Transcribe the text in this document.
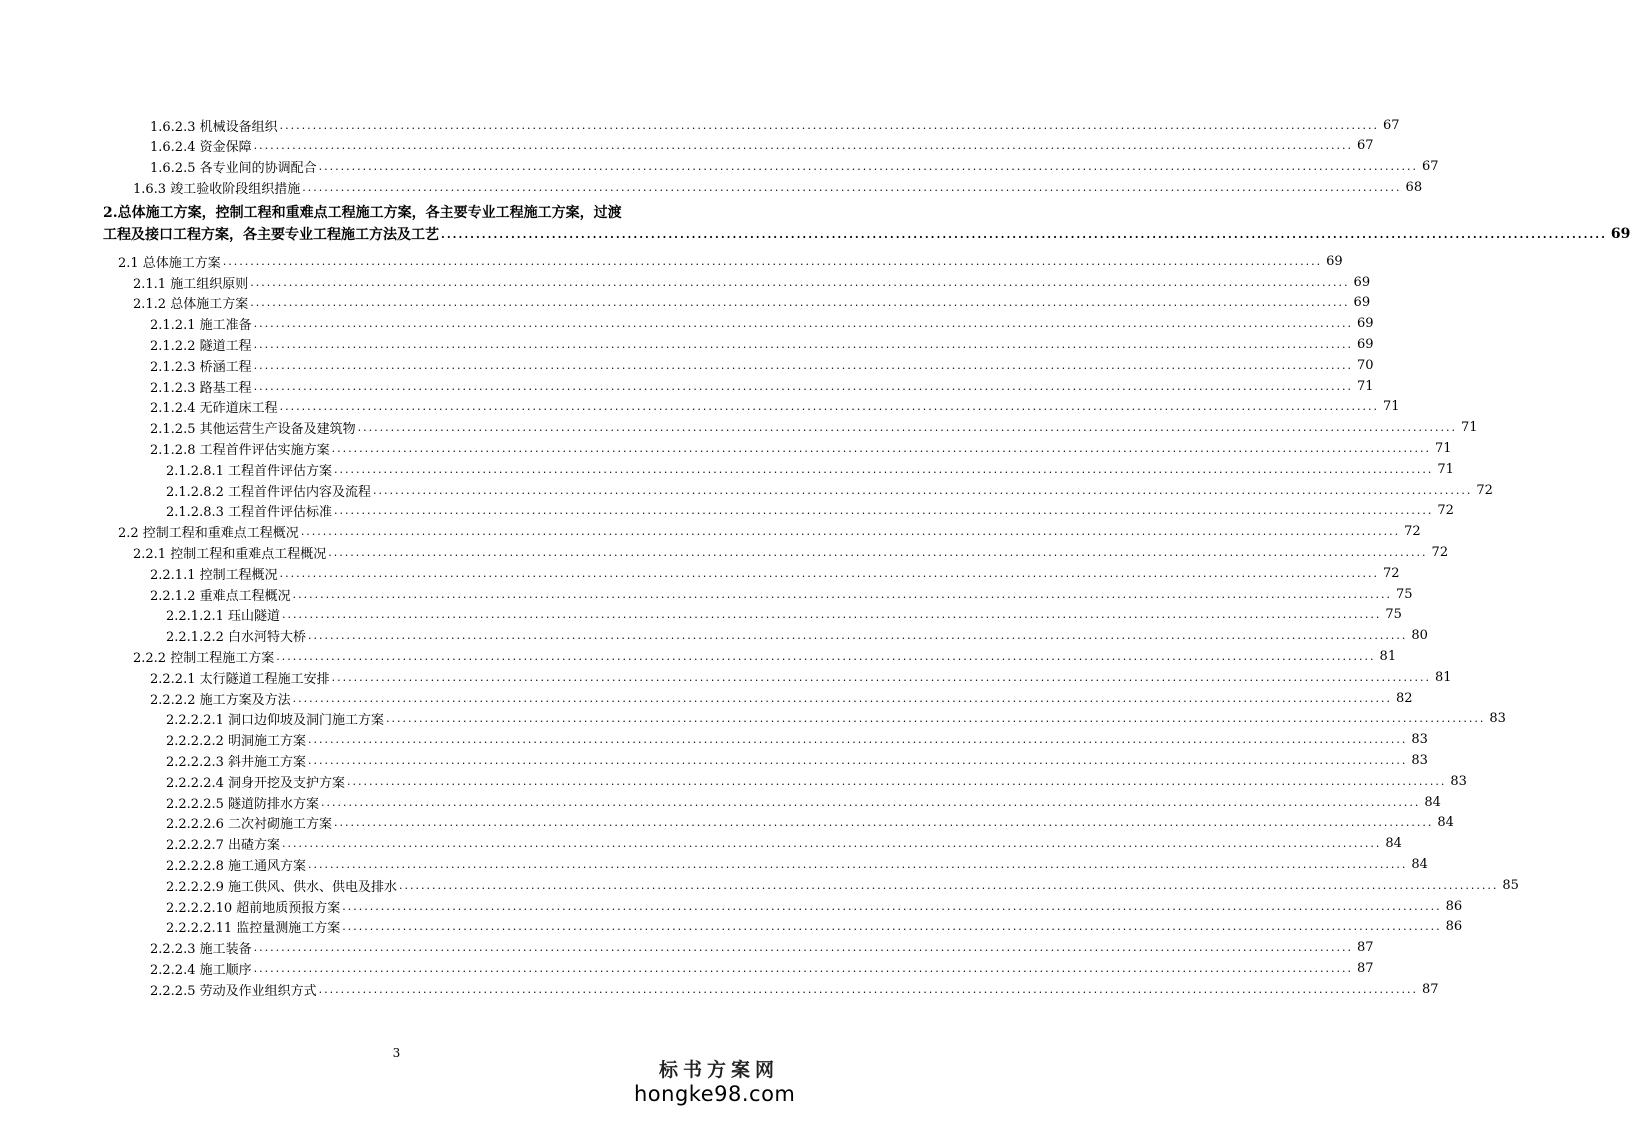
1.6.2.3 机械设备组织 ........................................................................................................................................................................................................ 67
1.6.2.4 资金保障 ........................................................................................................................................................................................................ 67
1.6.2.5 各专业间的协调配合 ........................................................................................................................................................................................................ 67
1.6.3 竣工验收阶段组织措施 ........................................................................................................................................................................................................ 68
2.总体施工方案，控制工程和重难点工程施工方案，各主要专业工程施工方案，过渡
工程及接口工程方案，各主要专业工程施工方法及工艺 ........................................................................................................................................................................................................ 69
2.1 总体施工方案 ........................................................................................................................................................................................................ 69
2.1.1 施工组织原则 ........................................................................................................................................................................................................ 69
2.1.2 总体施工方案 ........................................................................................................................................................................................................ 69
2.1.2.1 施工准备 ........................................................................................................................................................................................................ 69
2.1.2.2 隧道工程 ........................................................................................................................................................................................................ 69
2.1.2.3 桥涵工程 ........................................................................................................................................................................................................ 70
2.1.2.3 路基工程 ........................................................................................................................................................................................................ 71
2.1.2.4 无砟道床工程 ........................................................................................................................................................................................................ 71
2.1.2.5 其他运营生产设备及建筑物 ........................................................................................................................................................................................................ 71
2.1.2.8 工程首件评估实施方案 ........................................................................................................................................................................................................ 71
2.1.2.8.1 工程首件评估方案 ........................................................................................................................................................................................................ 71
2.1.2.8.2 工程首件评估内容及流程 ........................................................................................................................................................................................................ 72
2.1.2.8.3 工程首件评估标准 ........................................................................................................................................................................................................ 72
2.2 控制工程和重难点工程概况 ........................................................................................................................................................................................................ 72
2.2.1 控制工程和重难点工程概况 ........................................................................................................................................................................................................ 72
2.2.1.1 控制工程概况 ........................................................................................................................................................................................................ 72
2.2.1.2 重难点工程概况 ........................................................................................................................................................................................................ 75
2.2.1.2.1 珏山隧道 ........................................................................................................................................................................................................ 75
2.2.1.2.2 白水河特大桥 ........................................................................................................................................................................................................ 80
2.2.2 控制工程施工方案 ........................................................................................................................................................................................................ 81
2.2.2.1 太行隧道工程施工安排 ........................................................................................................................................................................................................ 81
2.2.2.2 施工方案及方法 ........................................................................................................................................................................................................ 82
2.2.2.2.1 洞口边仰坡及洞门施工方案 ........................................................................................................................................................................................................ 83
2.2.2.2.2 明洞施工方案 ........................................................................................................................................................................................................ 83
2.2.2.2.3 斜井施工方案 ........................................................................................................................................................................................................ 83
2.2.2.2.4 洞身开挖及支护方案 ........................................................................................................................................................................................................ 83
2.2.2.2.5 隧道防排水方案 ........................................................................................................................................................................................................ 84
2.2.2.2.6 二次衬砌施工方案 ........................................................................................................................................................................................................ 84
2.2.2.2.7 出碴方案 ........................................................................................................................................................................................................ 84
2.2.2.2.8 施工通风方案 ........................................................................................................................................................................................................ 84
2.2.2.2.9 施工供风、供水、供电及排水 ........................................................................................................................................................................................................ 85
2.2.2.2.10 超前地质预报方案 ........................................................................................................................................................................................................ 86
2.2.2.2.11 监控量测施工方案 ........................................................................................................................................................................................................ 86
2.2.2.3 施工装备 ........................................................................................................................................................................................................ 87
2.2.2.4 施工顺序 ........................................................................................................................................................................................................ 87
2.2.2.5 劳动及作业组织方式 ........................................................................................................................................................................................................ 87
3
标书方案网
hongke98.com
